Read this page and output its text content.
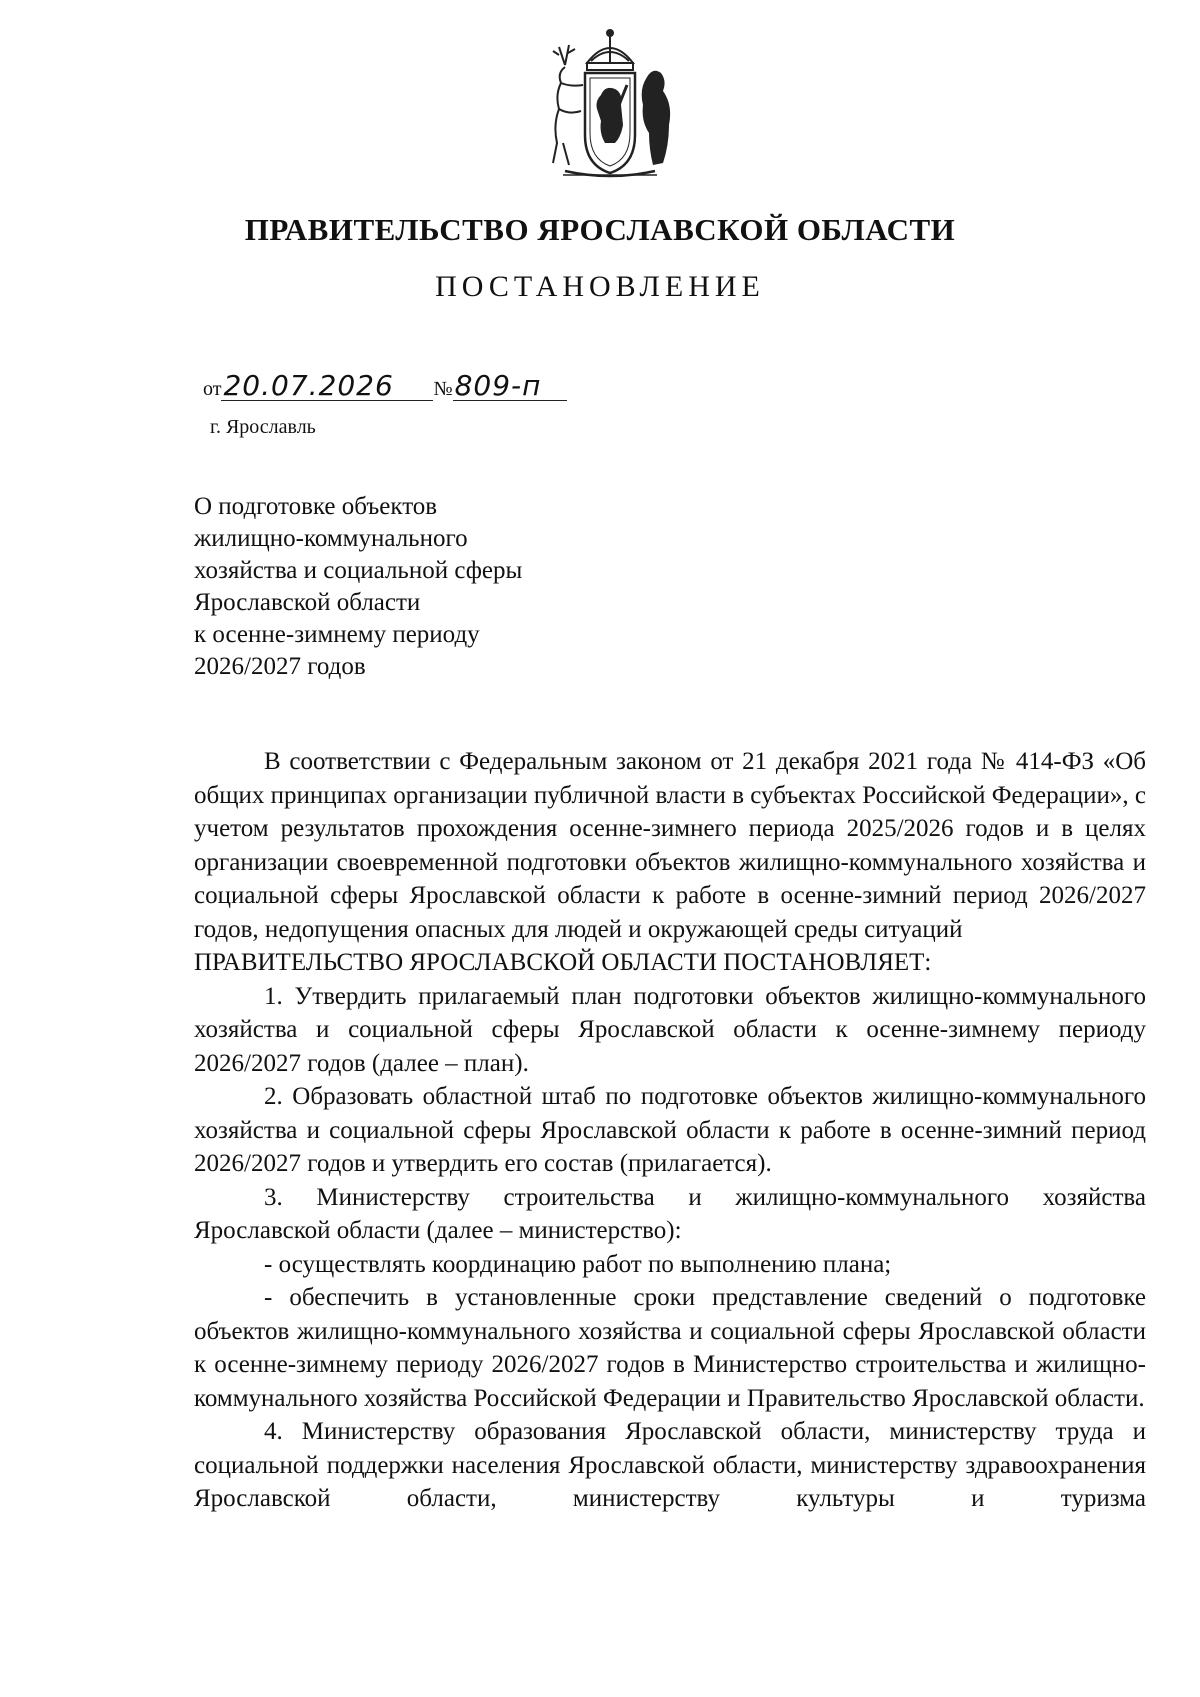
ПРАВИТЕЛЬСТВО ЯРОСЛАВСКОЙ ОБЛАСТИ
ПОСТАНОВЛЕНИЕ
от20.07.2026 №809-п
г. Ярославль
О подготовке объектов
жилищно-коммунального
хозяйства и социальной сферы
Ярославской области
к осенне-зимнему периоду
2026/2027 годов

В соответствии с Федеральным законом от 21 декабря 2021 года № 414-ФЗ «Об общих принципах организации публичной власти в субъектах Российской Федерации», с учетом результатов прохождения осенне-зимнего периода 2025/2026 годов и в целях организации своевременной подготовки объектов жилищно-коммунального хозяйства и социальной сферы Ярославской области к работе в осенне-зимний период 2026/2027 годов, недопущения опасных для людей и окружающей среды ситуаций

ПРАВИТЕЛЬСТВО ЯРОСЛАВСКОЙ ОБЛАСТИ ПОСТАНОВЛЯЕТ:

1. Утвердить прилагаемый план подготовки объектов жилищно-коммунального хозяйства и социальной сферы Ярославской области к осенне-зимнему периоду 2026/2027 годов (далее – план).

2. Образовать областной штаб по подготовке объектов жилищно-коммунального хозяйства и социальной сферы Ярославской области к работе в осенне-зимний период 2026/2027 годов и утвердить его состав (прилагается).

3. Министерству строительства и жилищно-коммунального хозяйства Ярославской области (далее – министерство):

- осуществлять координацию работ по выполнению плана;

- обеспечить в установленные сроки представление сведений о подготовке объектов жилищно-коммунального хозяйства и социальной сферы Ярославской области к осенне-зимнему периоду 2026/2027 годов в Министерство строительства и жилищно-коммунального хозяйства Российской Федерации и Правительство Ярославской области.

4. Министерству образования Ярославской области, министерству труда и социальной поддержки населения Ярославской области, министерству здравоохранения Ярославской области, министерству культуры и туризма
